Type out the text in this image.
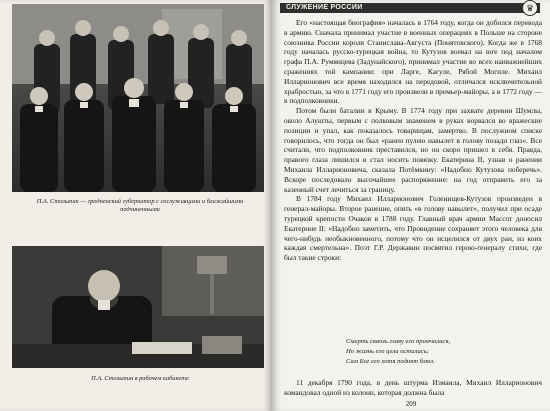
П.А. Столыпин — гродненский губернатор с сослуживцами и ближайшими подчиненными
П.А. Столыпин в рабочем кабинете
СЛУЖЕНИЕ РОССИИ	♛

Его «настоящая биография» началась в 1764 году, когда он добился перевода в армию. Сначала принимал участие в военных операциях в Польше на стороне союзника России короля Станислава-Августа (Понятовского). Когда же в 1768 году началась русско-турецкая война, то Кутузов воевал на юге под началом графа П.А. Румянцева (Задунайского), принимал участие во всех наиважнейших сражениях той кампании: при Ларге, Кагуле, Рябой Могиле. Михаил Илларионович все время находился на передовой, отличался исключительной храбростью, за что в 1771 году его произвели в премьер-майоры, а в 1772 году — в подполковники.

Потом были баталии в Крыму. В 1774 году при захвате деревни Шумлы, около Алушты, первым с полковым знаменем в руках ворвался во вражеские позиции и упал, как показалось товарищам, замертво. В послужном списке говорилось, что тогда он был «ранен пулею навылет в голову позади глаз». Все считали, что подполковник преставился, но он скоро пришел в себя. Правда, правого глаза лишился и стал носить повязку. Екатерина II, узнав о ранении Михаила Илларионовича, сказала Потёмкину: «Надобно Кутузова поберечь». Вскоре последовало высочайшее распоряжение: на год отправить его за казенный счет лечиться за границу.

В 1784 году Михаил Илларионович Голенищев-Кутузов произведен в генерал-майоры. Второе ранение, опять «в голову навылет», получил при осаде турецкой крепости Очаков в 1788 году. Главный врач армии Массот доносил Екатерине II: «Надобно заметить, что Провидение сохраняет этого человека для чего-нибудь необыкновенного, потому что он исцелился от двух ран, из коих каждая смертельна». Поэт Г.Р. Державин посвятил герою-генералу стихи, где был такие строки:

Смерть сквозь главу его промчалася,
Но жизнь его цела осталась;
Сам Бог его хотя поднят блюл.

11 декабря 1790 года, в день штурма Измаила, Михаил Илларионович командовал одной из колонн, которая должна была

209
